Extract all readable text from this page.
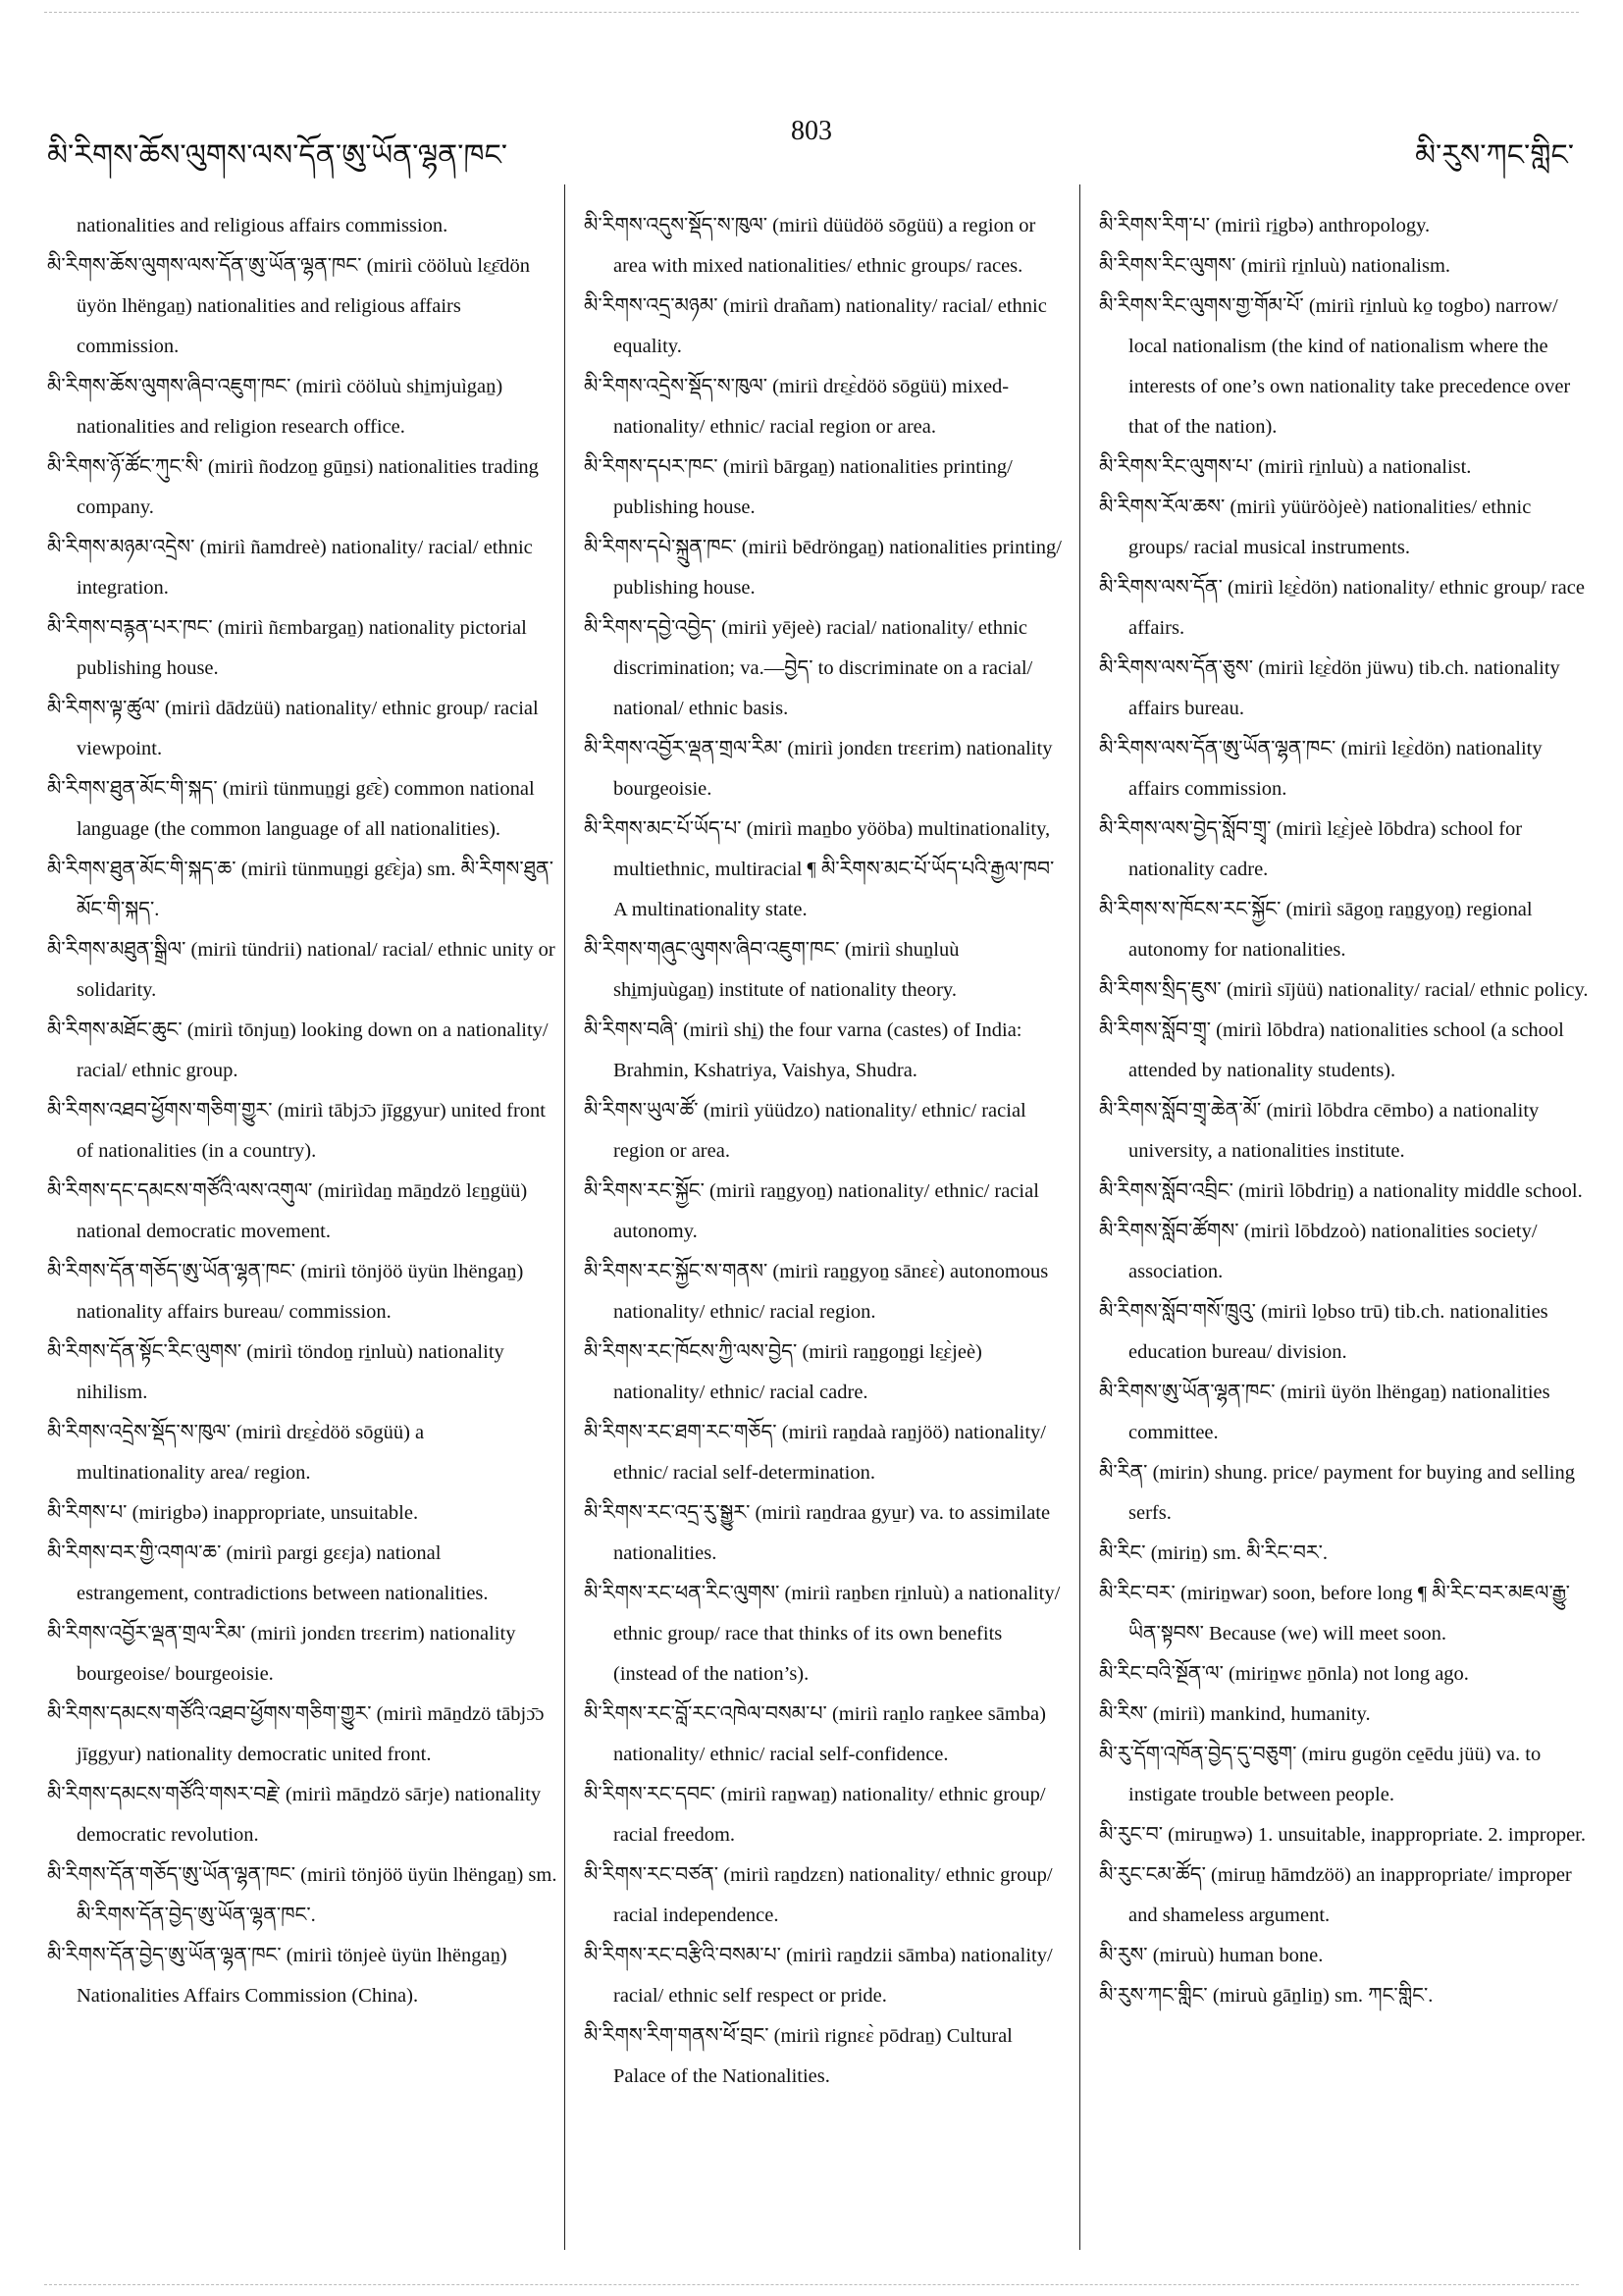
མི་རིགས་ཆོས་ལུགས་ལས་དོན་ཨུ་ཡོན་ལྷན་ཁང་
803
མི་རུས་ཀང་གླིང་

nationalities and religious affairs commission.

མི་རིགས་ཆོས་ལུགས་ལས་དོན་ཨུ་ཡོན་ལྷན་ཁང་ (miriì cööluù lɛ̱ɛ̄dön üyön lhëngaṉ) nationalities and religious affairs commission.

མི་རིགས་ཆོས་ལུགས་ཞིབ་འཇུག་ཁང་ (miriì cööluù shi̱mjuìgaṉ) nationalities and religion research office.

མི་རིགས་ཉོ་ཚོང་ཀུང་སི་ (miriì ñodzoṉ gūṉsi) nationalities trading company.

མི་རིགས་མཉམ་འདྲེས་ (miriì ñamdreè) nationality/ racial/ ethnic integration.

མི་རིགས་བརྙན་པར་ཁང་ (miriì ñɛmbargaṉ) nationality pictorial publishing house.

མི་རིགས་ལྟ་ཚུལ་ (miriì dādzüü) nationality/ ethnic group/ racial viewpoint.

མི་རིགས་ཐུན་མོང་གི་སྐད་ (miriì tünmuṉgi gɛ̄ɛ̀) common national language (the common language of all nationalities).

མི་རིགས་ཐུན་མོང་གི་སྐད་ཆ་ (miriì tünmuṉgi gɛ̄ɛ̀ja) sm. མི་རིགས་ཐུན་མོང་གི་སྐད་.

མི་རིགས་མཐུན་སྒྲིལ་ (miriì tündrii) national/ racial/ ethnic unity or solidarity.

མི་རིགས་མཐོང་ཆུང་ (miriì tōnjuṉ) looking down on a nationality/ racial/ ethnic group.

མི་རིགས་འཐབ་ཕྱོགས་གཅིག་གྱུར་ (miriì tābjɔ̄ɔ jīggyur) united front of nationalities (in a country).

མི་རིགས་དང་དམངས་གཙོའི་ལས་འགུལ་ (miriìdaṉ māṉdzö lɛṉgüü) national democratic movement.

མི་རིགས་དོན་གཅོད་ཨུ་ཡོན་ལྷན་ཁང་ (miriì tönjöö üyün lhëngaṉ) nationality affairs bureau/ commission.

མི་རིགས་དོན་སྟོང་རིང་ལུགས་ (miriì töndoṉ ri̱nluù) nationality nihilism.

མི་རིགས་འདྲེས་སྡོད་ས་ཁུལ་ (miriì drɛ̱ɛ̀döö sōgüü) a multinationality area/ region.

མི་རིགས་པ་ (mirigbə) inappropriate, unsuitable.

མི་རིགས་བར་གྱི་འགལ་ཆ་ (miriì pargi gɛɛja) national estrangement, contradictions between nationalities.

མི་རིགས་འབྱོར་ལྡན་གྲལ་རིམ་ (miriì jondɛn trɛɛrim) nationality bourgeoise/ bourgeoisie.

མི་རིགས་དམངས་གཙོའི་འཐབ་ཕྱོགས་གཅིག་གྱུར་ (miriì māṉdzö tābjɔ̄ɔ jīggyur) nationality democratic united front.

མི་རིགས་དམངས་གཙོའི་གསར་བརྗེ་ (miriì māṉdzö sārje) nationality democratic revolution.

མི་རིགས་དོན་གཅོད་ཨུ་ཡོན་ལྷན་ཁང་ (miriì tönjöö üyün lhëngaṉ) sm. མི་རིགས་དོན་བྱེད་ཨུ་ཡོན་ལྷན་ཁང་.

མི་རིགས་དོན་བྱེད་ཨུ་ཡོན་ལྷན་ཁང་ (miriì tönjeè üyün lhëngaṉ) Nationalities Affairs Commission (China).

མི་རིགས་འདུས་སྡོད་ས་ཁུལ་ (miriì düüdöö sōgüü) a region or area with mixed nationalities/ ethnic groups/ races.

མི་རིགས་འདྲ་མཉམ་ (miriì drañam) nationality/ racial/ ethnic equality.

མི་རིགས་འདྲེས་སྡོད་ས་ཁུལ་ (miriì drɛ̱ɛ̀döö sōgüü) mixed-nationality/ ethnic/ racial region or area.

མི་རིགས་དཔར་ཁང་ (miriì bārgaṉ) nationalities printing/ publishing house.

མི་རིགས་དཔེ་སྐྲུན་ཁང་ (miriì bēdröngaṉ) nationalities printing/ publishing house.

མི་རིགས་དབྱེ་འབྱེད་ (miriì yējeè) racial/ nationality/ ethnic discrimination; va.—བྱེད་ to discriminate on a racial/ national/ ethnic basis.

མི་རིགས་འབྱོར་ལྡན་གྲལ་རིམ་ (miriì jondɛn trɛɛrim) nationality bourgeoisie.

མི་རིགས་མང་པོ་ཡོད་པ་ (miriì maṉbo yööba) multinationality, multiethnic, multiracial ¶ མི་རིགས་མང་པོ་ཡོད་པའི་རྒྱལ་ཁབ་ A multinationality state.

མི་རིགས་གཞུང་ལུགས་ཞིབ་འཇུག་ཁང་ (miriì shuṉluù shi̱mjuùgaṉ) institute of nationality theory.

མི་རིགས་བཞི་ (miriì shi̱) the four varna (castes) of India: Brahmin, Kshatriya, Vaishya, Shudra.

མི་རིགས་ཡུལ་ཚོ་ (miriì yüüdzo) nationality/ ethnic/ racial region or area.

མི་རིགས་རང་སྐྱོང་ (miriì raṉgyoṉ) nationality/ ethnic/ racial autonomy.

མི་རིགས་རང་སྐྱོང་ས་གནས་ (miriì raṉgyoṉ sānɛɛ̀) autonomous nationality/ ethnic/ racial region.

མི་རིགས་རང་ཁོངས་ཀྱི་ལས་བྱེད་ (miriì raṉgoṉgi lɛ̱ɛ̀jeè) nationality/ ethnic/ racial cadre.

མི་རིགས་རང་ཐག་རང་གཅོད་ (miriì raṉdaà raṉjöö) nationality/ ethnic/ racial self-determination.

མི་རིགས་རང་འདྲ་རུ་སྒྱུར་ (miriì raṉdraa gyu̱r) va. to assimilate nationalities.

མི་རིགས་རང་ཕན་རིང་ལུགས་ (miriì raṉbɛn ri̱nluù) a nationality/ ethnic group/ race that thinks of its own benefits (instead of the nation’s).

མི་རིགས་རང་བློ་རང་འཁེལ་བསམ་པ་ (miriì raṉlo raṉkee sāmba) nationality/ ethnic/ racial self-confidence.

མི་རིགས་རང་དབང་ (miriì raṉwaṉ) nationality/ ethnic group/ racial freedom.

མི་རིགས་རང་བཙན་ (miriì raṉdzɛn) nationality/ ethnic group/ racial independence.

མི་རིགས་རང་བརྩིའི་བསམ་པ་ (miriì raṉdzii sāmba) nationality/ racial/ ethnic self respect or pride.

མི་རིགས་རིག་གནས་ཕོ་བྲང་ (miriì rignɛɛ̀ pōdraṉ) Cultural Palace of the Nationalities.

མི་རིགས་རིག་པ་ (miriì ri̱gbə) anthropology.

མི་རིགས་རིང་ལུགས་ (miriì ri̱nluù) nationalism.

མི་རིགས་རིང་ལུགས་གྱ་གོམ་པོ་ (miriì ri̱nluù ko̱ togbo) narrow/ local nationalism (the kind of nationalism where the interests of one’s own nationality take precedence over that of the nation).

མི་རིགས་རིང་ལུགས་པ་ (miriì ri̱nluù) a nationalist.

མི་རིགས་རོལ་ཆས་ (miriì yüüröòjeè) nationalities/ ethnic groups/ racial musical instruments.

མི་རིགས་ལས་དོན་ (miriì lɛ̱ɛ̀dön) nationality/ ethnic group/ race affairs.

མི་རིགས་ལས་དོན་ཅུས་ (miriì lɛ̱ɛ̀dön jüwu) tib.ch. nationality affairs bureau.

མི་རིགས་ལས་དོན་ཨུ་ཡོན་ལྷན་ཁང་ (miriì lɛ̱ɛ̀dön) nationality affairs commission.

མི་རིགས་ལས་བྱེད་སློབ་གྲྭ་ (miriì lɛ̱ɛ̀jeè lōbdra) school for nationality cadre.

མི་རིགས་ས་ཁོངས་རང་སྐྱོང་ (miriì sāgoṉ raṉgyoṉ) regional autonomy for nationalities.

མི་རིགས་སྲིད་ཇུས་ (miriì sījüü) nationality/ racial/ ethnic policy.

མི་རིགས་སློབ་གྲྭ་ (miriì lōbdra) nationalities school (a school attended by nationality students).

མི་རིགས་སློབ་གྲྭ་ཆེན་མོ་ (miriì lōbdra cēmbo) a nationality university, a nationalities institute.

མི་རིགས་སློབ་འབྲིང་ (miriì lōbdriṉ) a nationality middle school.

མི་རིགས་སློབ་ཚོགས་ (miriì lōbdzoò) nationalities society/ association.

མི་རིགས་སློབ་གསོ་ཁྲུའུ་ (miriì lo̱bso trū) tib.ch. nationalities education bureau/ division.

མི་རིགས་ཨུ་ཡོན་ལྷན་ཁང་ (miriì üyön lhëngaṉ) nationalities committee.

མི་རིན་ (mirin) shung. price/ payment for buying and selling serfs.

མི་རིང་ (miriṉ) sm. མི་རིང་བར་.

མི་རིང་བར་ (miriṉwar) soon, before long ¶ མི་རིང་བར་མཇལ་རྒྱུ་ཡིན་སྟབས་ Because (we) will meet soon.

མི་རིང་བའི་སྔོན་ལ་ (miriṉwɛ ṉōnla) not long ago.

མི་རིས་ (miriì) mankind, humanity.

མི་རུ་དོག་འཁོན་བྱེད་དུ་བཅུག་ (miru gugön ce̱ēdu jüü) va. to instigate trouble between people.

མི་རུང་བ་ (miruṉwə) 1. unsuitable, inappropriate. 2. improper.

མི་རུང་ངམ་ཚོད་ (miruṉ hāmdzöö) an inappropriate/ improper and shameless argument.

མི་རུས་ (miruù) human bone.

མི་རུས་ཀང་གླིང་ (miruù gāṉliṉ) sm. ཀང་གླིང་.
